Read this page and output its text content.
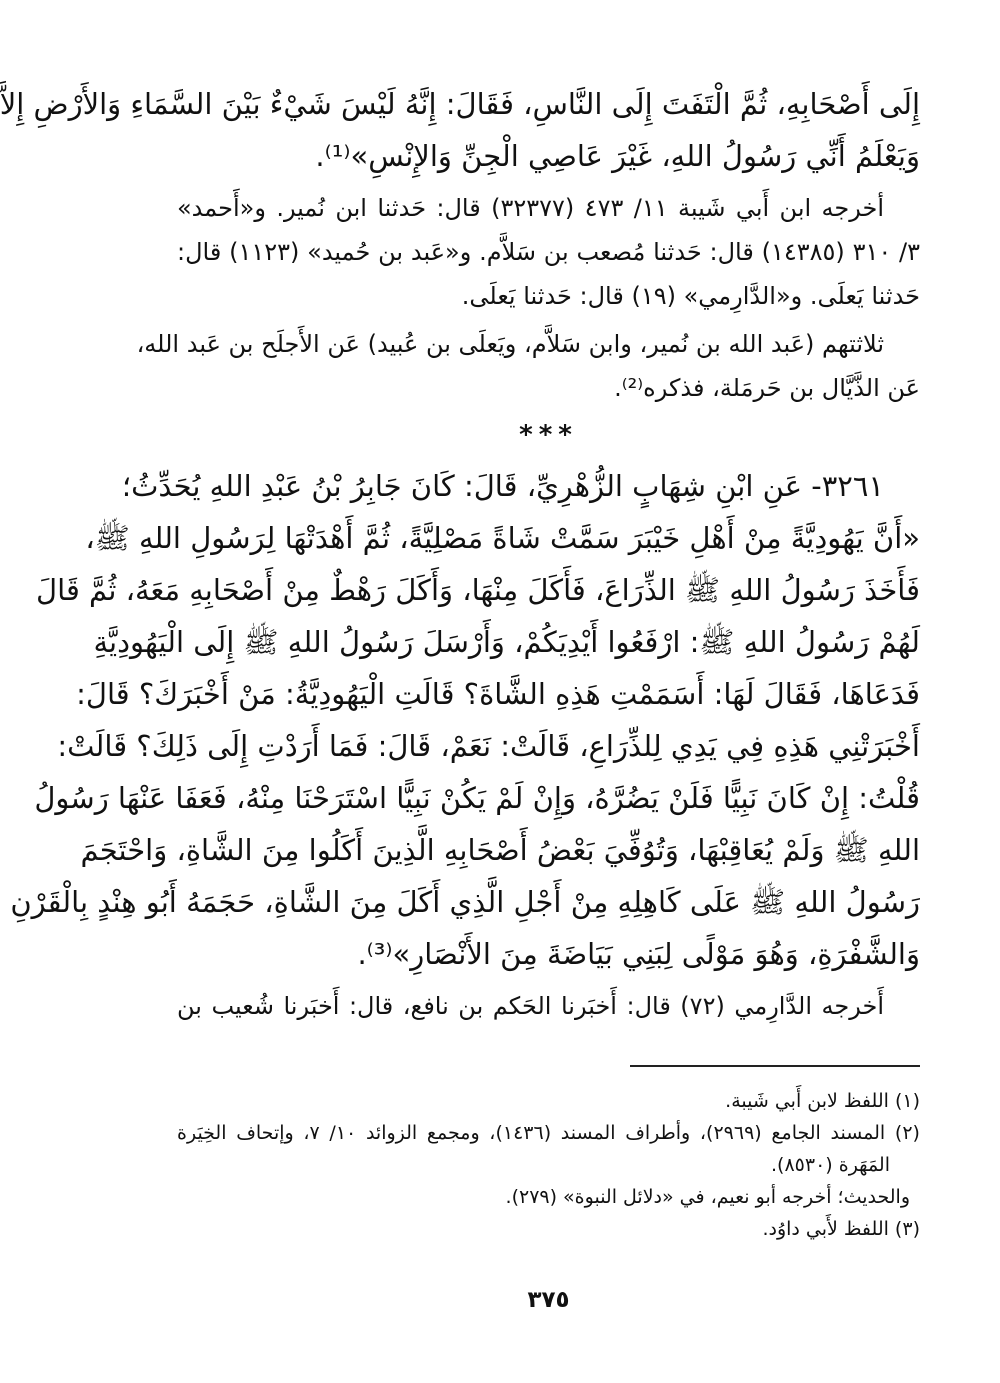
إِلَى أَصْحَابِهِ، ثُمَّ الْتَفَتَ إِلَى النَّاسِ، فَقَالَ: إِنَّهُ لَيْسَ شَيْءٌ بَيْنَ السَّمَاءِ وَالأَرْضِ إِلاَّ
وَيَعْلَمُ أَنِّي رَسُولُ اللهِ، غَيْرَ عَاصِي الْجِنِّ وَالإِنْسِ»⁽¹⁾.
أخرجه ابن أَبي شَيبة ١١/ ٤٧٣ (٣٢٣٧٧) قال: حَدثنا ابن نُمير. و«أَحمد»
٣/ ٣١٠ (١٤٣٨٥) قال: حَدثنا مُصعب بن سَلاَّم. و«عَبد بن حُميد» (١١٢٣) قال:
حَدثنا يَعلَى. و«الدَّارِمي» (١٩) قال: حَدثنا يَعلَى.
ثلاثتهم (عَبد الله بن نُمير، وابن سَلاَّم، ويَعلَى بن عُبيد) عَن الأَجلَح بن عَبد الله،
عَن الذَّيَّال بن حَرمَلة، فذكره⁽²⁾.
***
٣٢٦١- عَنِ ابْنِ شِهَابٍ الزُّهْرِيِّ، قَالَ: كَانَ جَابِرُ بْنُ عَبْدِ اللهِ يُحَدِّثُ؛
«أَنَّ يَهُودِيَّةً مِنْ أَهْلِ خَيْبَرَ سَمَّتْ شَاةً مَصْلِيَّةً، ثُمَّ أَهْدَتْهَا لِرَسُولِ اللهِ ﷺ،
فَأَخَذَ رَسُولُ اللهِ ﷺ الذِّرَاعَ، فَأَكَلَ مِنْهَا، وَأَكَلَ رَهْطٌ مِنْ أَصْحَابِهِ مَعَهُ، ثُمَّ قَالَ
لَهُمْ رَسُولُ اللهِ ﷺ: ارْفَعُوا أَيْدِيَكُمْ، وَأَرْسَلَ رَسُولُ اللهِ ﷺ إِلَى الْيَهُودِيَّةِ
فَدَعَاهَا، فَقَالَ لَهَا: أَسَمَمْتِ هَذِهِ الشَّاةَ؟ قَالَتِ الْيَهُودِيَّةُ: مَنْ أَخْبَرَكَ؟ قَالَ:
أَخْبَرَتْنِي هَذِهِ فِي يَدِي لِلذِّرَاعِ، قَالَتْ: نَعَمْ، قَالَ: فَمَا أَرَدْتِ إِلَى ذَلِكَ؟ قَالَتْ:
قُلْتُ: إِنْ كَانَ نَبِيًّا فَلَنْ يَضُرَّهُ، وَإِنْ لَمْ يَكُنْ نَبِيًّا اسْتَرَحْنَا مِنْهُ، فَعَفَا عَنْهَا رَسُولُ
اللهِ ﷺ وَلَمْ يُعَاقِبْهَا، وَتُوُفِّيَ بَعْضُ أَصْحَابِهِ الَّذِينَ أَكَلُوا مِنَ الشَّاةِ، وَاحْتَجَمَ
رَسُولُ اللهِ ﷺ عَلَى كَاهِلِهِ مِنْ أَجْلِ الَّذِي أَكَلَ مِنَ الشَّاةِ، حَجَمَهُ أَبُو هِنْدٍ بِالْقَرْنِ
وَالشَّفْرَةِ، وَهُوَ مَوْلًى لِبَنِي بَيَاضَةَ مِنَ الأَنْصَارِ»⁽³⁾.
أَخرجه الدَّارِمي (٧٢) قال: أَخبَرنا الحَكم بن نافع، قال: أَخبَرنا شُعيب بن
(١) اللفظ لابن أَبي شَيبة.
(٢) المسند الجامع (٢٩٦٩)، وأطراف المسند (١٤٣٦)، ومجمع الزوائد ١٠/ ٧، وإتحاف الخِيَرة
المَهَرة (٨٥٣٠).
والحديث؛ أخرجه أبو نعيم، في «دلائل النبوة» (٢٧٩).
(٣) اللفظ لأَبي داوُد.
٣٧٥
